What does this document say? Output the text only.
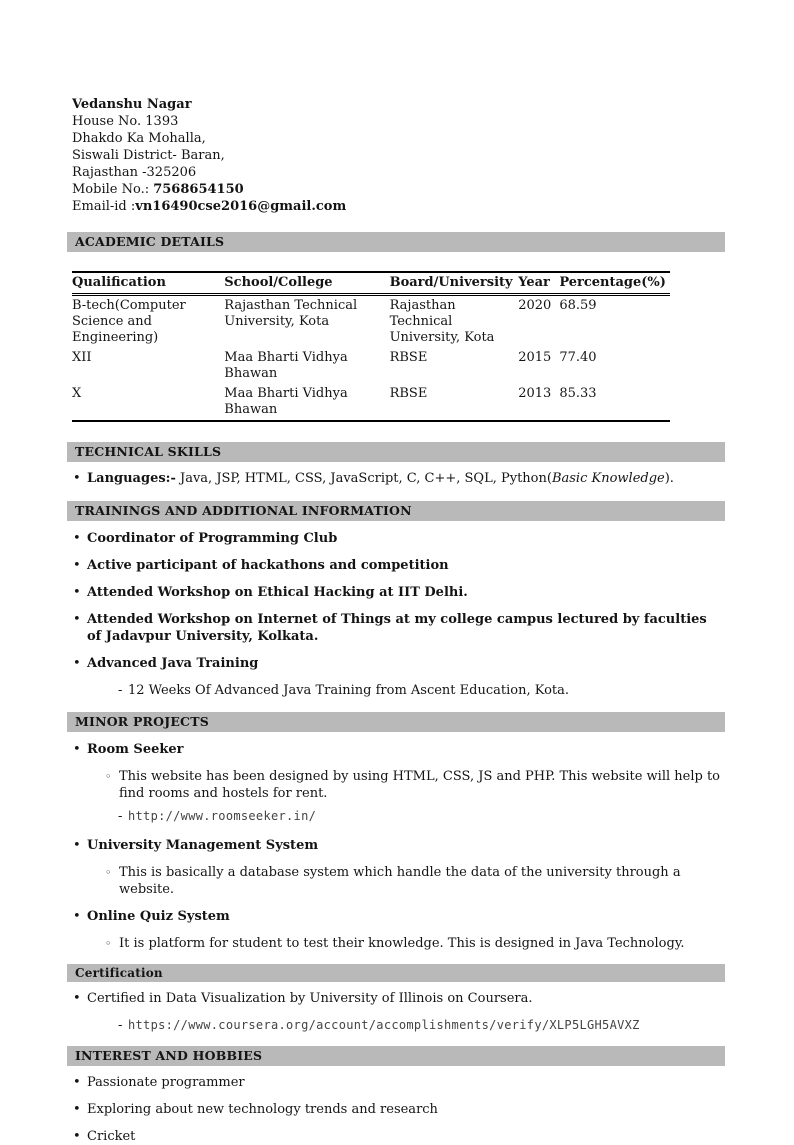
Vedanshu Nagar
House No. 1393
Dhakdo Ka Mohalla,
Siswali District- Baran,
Rajasthan -325206
Mobile No.: 7568654150
Email-id :vn16490cse2016@gmail.com
ACADEMIC DETAILS
Qualification	School/College	Board/University	Year	Percentage(%)
B-tech(Computer Science and Engineering)	Rajasthan Technical University, Kota	Rajasthan Technical University, Kota	2020	68.59
XII	Maa Bharti Vidhya Bhawan	RBSE	2015	77.40
X	Maa Bharti Vidhya Bhawan	RBSE	2013	85.33
TECHNICAL SKILLS
• Languages:- Java, JSP, HTML, CSS, JavaScript, C, C++, SQL, Python(Basic Knowledge).
TRAININGS AND ADDITIONAL INFORMATION
• Coordinator of Programming Club
• Active participant of hackathons and competition
• Attended Workshop on Ethical Hacking at IIT Delhi.
• Attended Workshop on Internet of Things at my college campus lectured by faculties of Jadavpur University, Kolkata.
• Advanced Java Training
- 12 Weeks Of Advanced Java Training from Ascent Education, Kota.
MINOR PROJECTS
• Room Seeker
◦ This website has been designed by using HTML, CSS, JS and PHP. This website will help to find rooms and hostels for rent.
- http://www.roomseeker.in/
• University Management System
◦ This is basically a database system which handle the data of the university through a website.
• Online Quiz System
◦ It is platform for student to test their knowledge. This is designed in Java Technology.
Certification
• Certified in Data Visualization by University of Illinois on Coursera.
- https://www.coursera.org/account/accomplishments/verify/XLP5LGH5AVXZ
INTEREST AND HOBBIES
• Passionate programmer
• Exploring about new technology trends and research
• Cricket
